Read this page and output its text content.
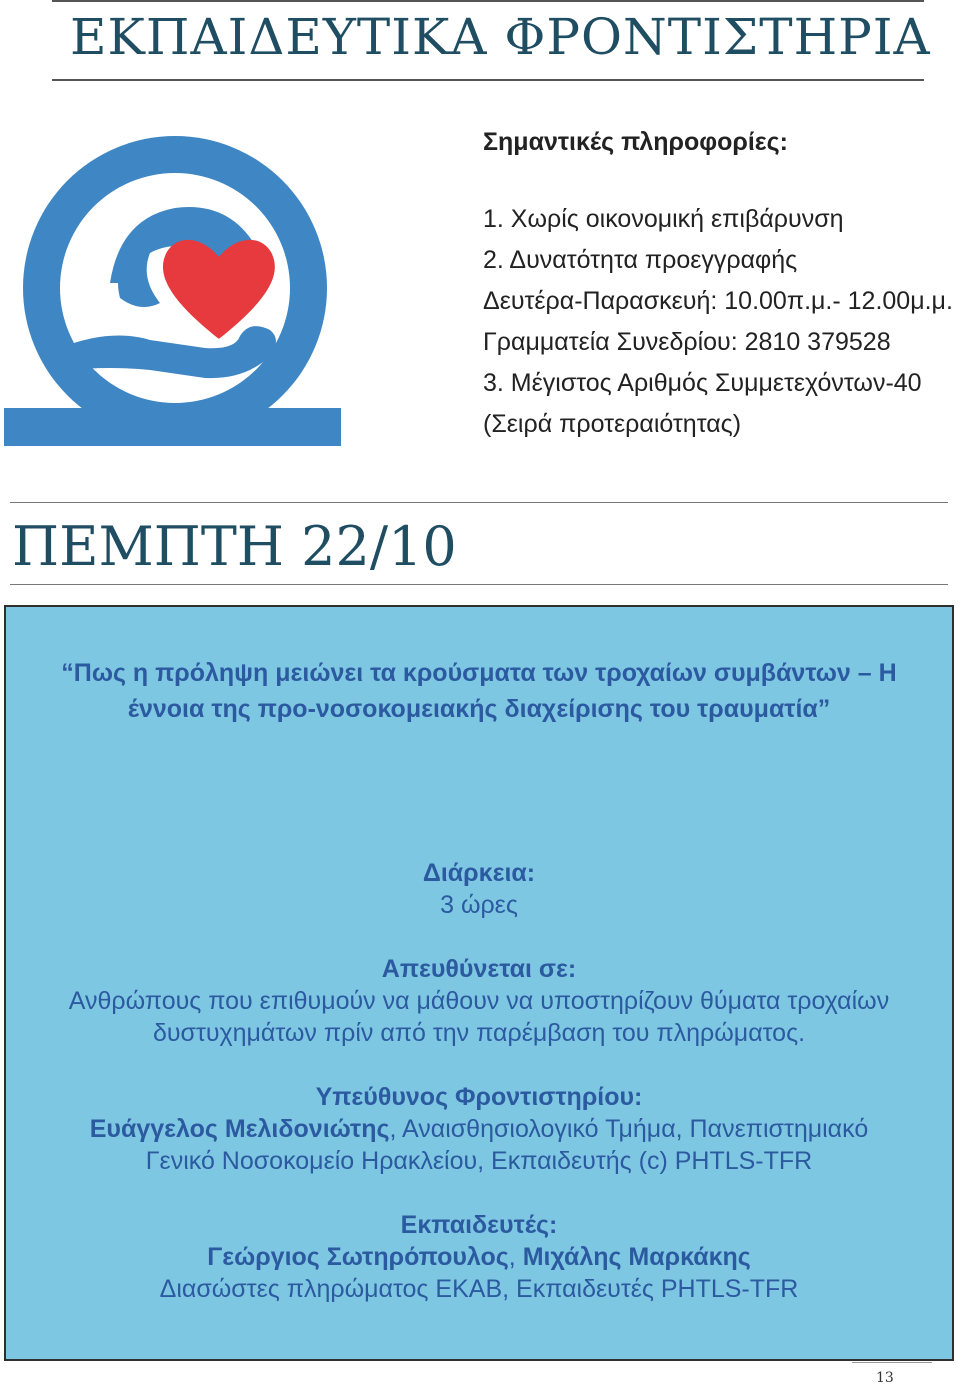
ΕΚΠΑΙΔΕΥΤΙΚΑ ΦΡΟΝΤΙΣΤΗΡΙΑ
Σημαντικές πληροφορίες:
1. Χωρίς οικονομική επιβάρυνση
2. Δυνατότητα προεγγραφής
Δευτέρα-Παρασκευή: 10.00π.μ.- 12.00μ.μ.
Γραμματεία Συνεδρίου: 2810 379528
3. Μέγιστος Αριθμός Συμμετεχόντων-40
(Σειρά προτεραιότητας)
ΠΕΜΠΤΗ 22/10
“Πως η πρόληψη μειώνει τα κρούσματα των τροχαίων συμβάντων – Η
έννοια της προ-νοσοκομειακής διαχείρισης του τραυματία”
Διάρκεια:
3 ώρες
Απευθύνεται σε:
Ανθρώπους που επιθυμούν να μάθουν να υποστηρίζουν θύματα τροχαίων
δυστυχημάτων πρίν από την παρέμβαση του πληρώματος.
Υπεύθυνος Φροντιστηρίου:
Ευάγγελος Μελιδονιώτης, Αναισθησιολογικό Τμήμα, Πανεπιστημιακό
Γενικό Νοσοκομείο Ηρακλείου, Εκπαιδευτής (c) PHTLS-TFR
Εκπαιδευτές:
Γεώργιος Σωτηρόπουλος, Μιχάλης Μαρκάκης
Διασώστες πληρώματος ΕΚΑΒ, Εκπαιδευτές PHTLS-TFR
13
